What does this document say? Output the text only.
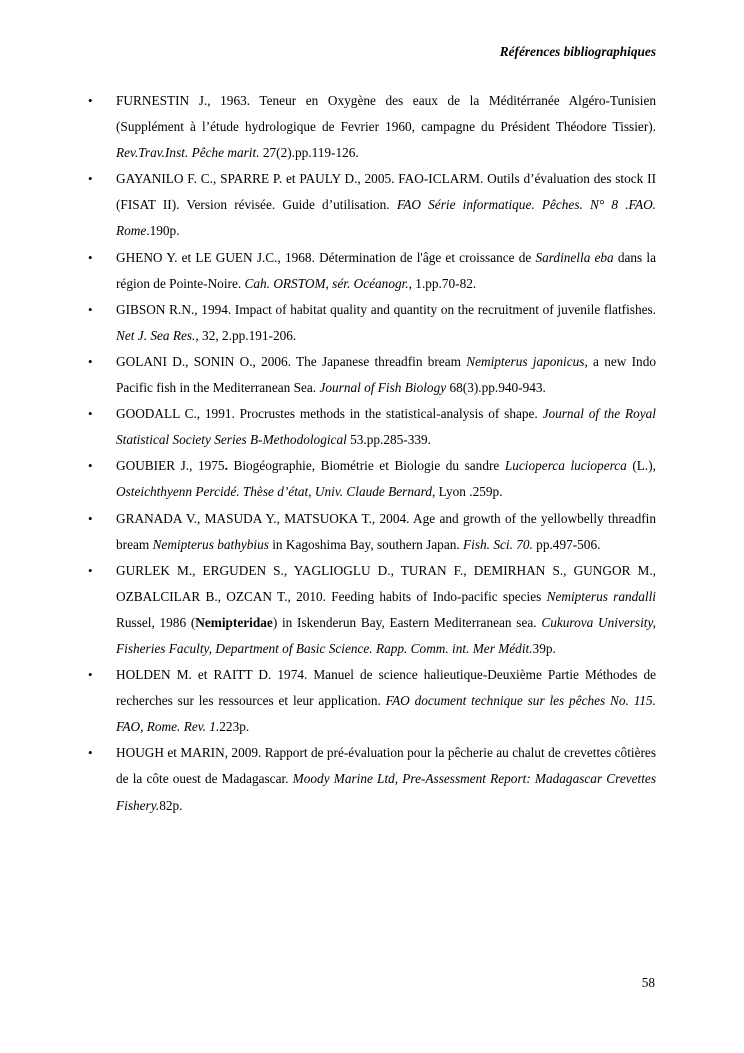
Références bibliographiques
• FURNESTIN J., 1963. Teneur en Oxygène des eaux de la Méditérranée Algéro-Tunisien (Supplément à l’étude hydrologique de Fevrier 1960, campagne du Président Théodore Tissier). Rev.Trav.Inst. Pêche marit. 27(2).pp.119-126.
• GAYANILO F. C., SPARRE P. et PAULY D., 2005. FAO-ICLARM. Outils d’évaluation des stock II (FISAT II). Version révisée. Guide d’utilisation. FAO Série informatique. Pêches. N° 8 .FAO. Rome.190p.
• GHENO Y. et LE GUEN J.C., 1968. Détermination de l'âge et croissance de Sardinella eba dans la région de Pointe-Noire. Cah. ORSTOM, sér. Océanogr., 1.pp.70-82.
• GIBSON R.N., 1994. Impact of habitat quality and quantity on the recruitment of juvenile flatfishes. Net J. Sea Res., 32, 2.pp.191-206.
• GOLANI D., SONIN O., 2006. The Japanese threadfin bream Nemipterus japonicus, a new Indo Pacific fish in the Mediterranean Sea. Journal of Fish Biology 68(3).pp.940-943.
• GOODALL C., 1991. Procrustes methods in the statistical-analysis of shape. Journal of the Royal Statistical Society Series B-Methodological 53.pp.285-339.
• GOUBIER J., 1975. Biogéographie, Biométrie et Biologie du sandre Lucioperca lucioperca (L.), Osteichthyenn Percidé. Thèse d’état, Univ. Claude Bernard, Lyon .259p.
• GRANADA V., MASUDA Y., MATSUOKA T., 2004. Age and growth of the yellowbelly threadfin bream Nemipterus bathybius in Kagoshima Bay, southern Japan. Fish. Sci. 70. pp.497-506.
• GURLEK M., ERGUDEN S., YAGLIOGLU D., TURAN F., DEMIRHAN S., GUNGOR M., OZBALCILAR B., OZCAN T., 2010. Feeding habits of Indo-pacific species Nemipterus randalli Russel, 1986 (Nemipteridae) in Iskenderun Bay, Eastern Mediterranean sea. Cukurova University, Fisheries Faculty, Department of Basic Science. Rapp. Comm. int. Mer Médit.39p.
• HOLDEN M. et RAITT D. 1974. Manuel de science halieutique-Deuxième Partie Méthodes de recherches sur les ressources et leur application. FAO document technique sur les pêches No. 115. FAO, Rome. Rev. 1.223p.
• HOUGH et MARIN, 2009. Rapport de pré-évaluation pour la pêcherie au chalut de crevettes côtières de la côte ouest de Madagascar. Moody Marine Ltd, Pre-Assessment Report: Madagascar Crevettes Fishery.82p.
58
